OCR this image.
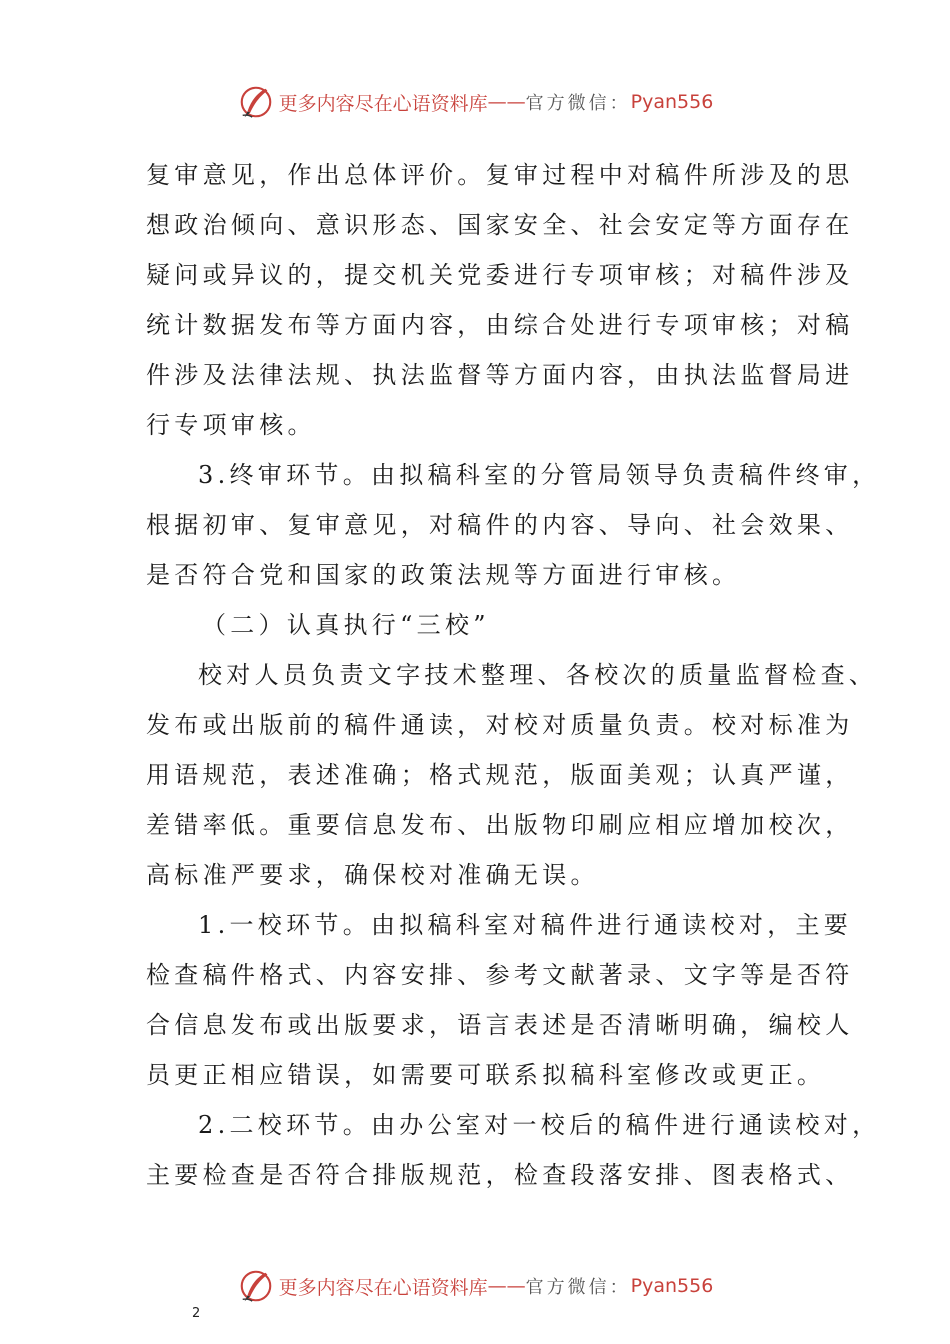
更多内容尽在心语资料库 —— 官方微信： Pyan556
复审意见，作出总体评价。复审过程中对稿件所涉及的思
想政治倾向、意识形态、国家安全、社会安定等方面存在
疑问或异议的，提交机关党委进行专项审核；对稿件涉及
统计数据发布等方面内容，由综合处进行专项审核；对稿
件涉及法律法规、执法监督等方面内容，由执法监督局进
行专项审核。
3.终审环节。由拟稿科室的分管局领导负责稿件终审，
根据初审、复审意见，对稿件的内容、导向、社会效果、
是否符合党和国家的政策法规等方面进行审核。
（二）认真执行“三校”
校对人员负责文字技术整理、各校次的质量监督检查、
发布或出版前的稿件通读，对校对质量负责。校对标准为
用语规范，表述准确；格式规范，版面美观；认真严谨，
差错率低。重要信息发布、出版物印刷应相应增加校次，
高标准严要求，确保校对准确无误。
1.一校环节。由拟稿科室对稿件进行通读校对，主要
检查稿件格式、内容安排、参考文献著录、文字等是否符
合信息发布或出版要求，语言表述是否清晰明确，编校人
员更正相应错误，如需要可联系拟稿科室修改或更正。
2.二校环节。由办公室对一校后的稿件进行通读校对，
主要检查是否符合排版规范，检查段落安排、图表格式、
更多内容尽在心语资料库 —— 官方微信： Pyan556
2
